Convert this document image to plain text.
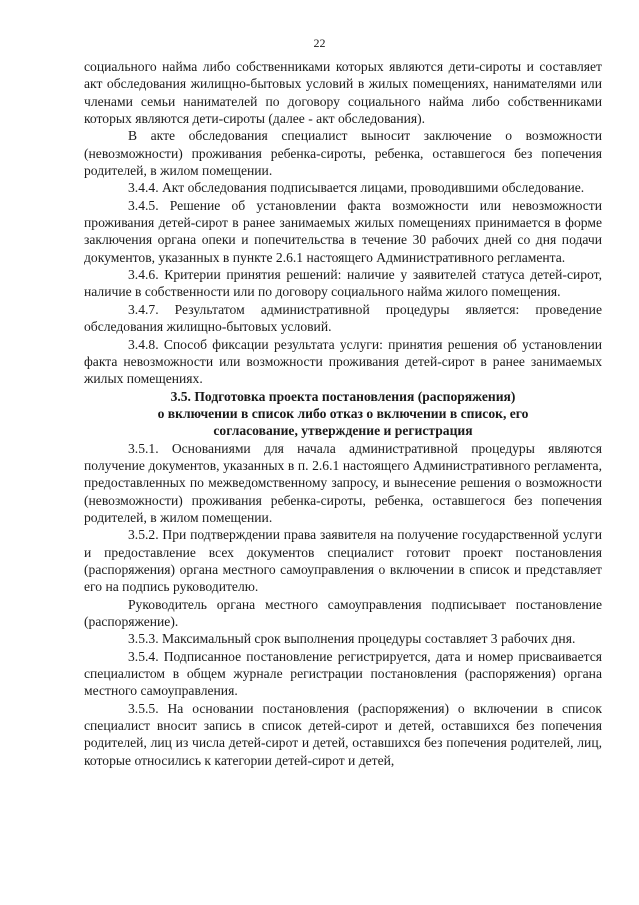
22

социального найма либо собственниками которых являются дети-сироты и составляет акт обследования жилищно-бытовых условий в жилых помещениях, нанимателями или членами семьи нанимателей по договору социального найма либо собственниками которых являются дети-сироты (далее - акт обследования).

В акте обследования специалист выносит заключение о возможности (невозможности) проживания ребенка-сироты, ребенка, оставшегося без попечения родителей, в жилом помещении.

3.4.4. Акт обследования подписывается лицами, проводившими обследование.

3.4.5. Решение об установлении факта возможности или невозможности проживания детей-сирот в ранее занимаемых жилых помещениях принимается в форме заключения органа опеки и попечительства в течение 30 рабочих дней со дня подачи документов, указанных в пункте 2.6.1 настоящего Административного регламента.

3.4.6. Критерии принятия решений: наличие у заявителей статуса детей-сирот, наличие в собственности или по договору социального найма жилого помещения.

3.4.7. Результатом административной процедуры является: проведение обследования жилищно-бытовых условий.

3.4.8. Способ фиксации результата услуги: принятия решения об установлении факта невозможности или возможности проживания детей-сирот в ранее занимаемых жилых помещениях.

3.5. Подготовка проекта постановления (распоряжения)
о включении в список либо отказ о включении в список, его
согласование, утверждение и регистрация

3.5.1. Основаниями для начала административной процедуры являются получение документов, указанных в п. 2.6.1 настоящего Административного регламента, предоставленных по межведомственному запросу, и вынесение решения о возможности (невозможности) проживания ребенка-сироты, ребенка, оставшегося без попечения родителей, в жилом помещении.

3.5.2. При подтверждении права заявителя на получение государственной услуги и предоставление всех документов специалист готовит проект постановления (распоряжения) органа местного самоуправления о включении в список и представляет его на подпись руководителю.

Руководитель органа местного самоуправления подписывает постановление (распоряжение).

3.5.3. Максимальный срок выполнения процедуры составляет 3 рабочих дня.

3.5.4. Подписанное постановление регистрируется, дата и номер присваивается специалистом в общем журнале регистрации постановления (распоряжения) органа местного самоуправления.

3.5.5. На основании постановления (распоряжения) о включении в список специалист вносит запись в список детей-сирот и детей, оставшихся без попечения родителей, лиц из числа детей-сирот и детей, оставшихся без попечения родителей, лиц, которые относились к категории детей-сирот и детей,
